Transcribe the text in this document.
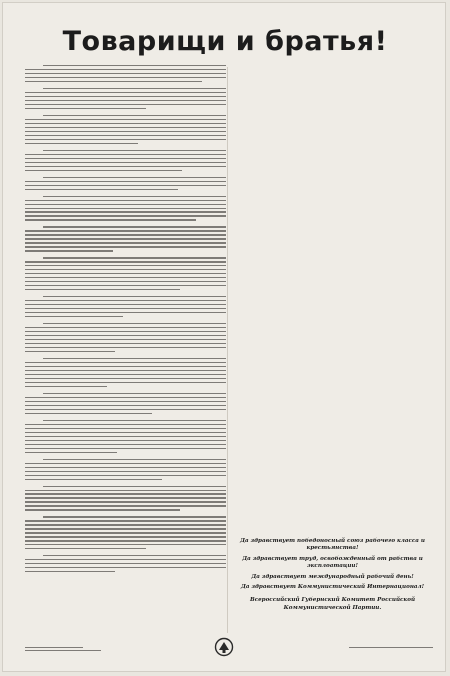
Товарищи и братья!
Да здравствует победоносный союз рабочего класса и крестьянства!
Да здравствует труд, освобожденный от рабства и эксплоатации!
Да здравствует международный рабочий день!
Да здравствует Коммунистический Интернационал!
Всероссийский Губернский Комитет Российской Коммунистической Партии.
